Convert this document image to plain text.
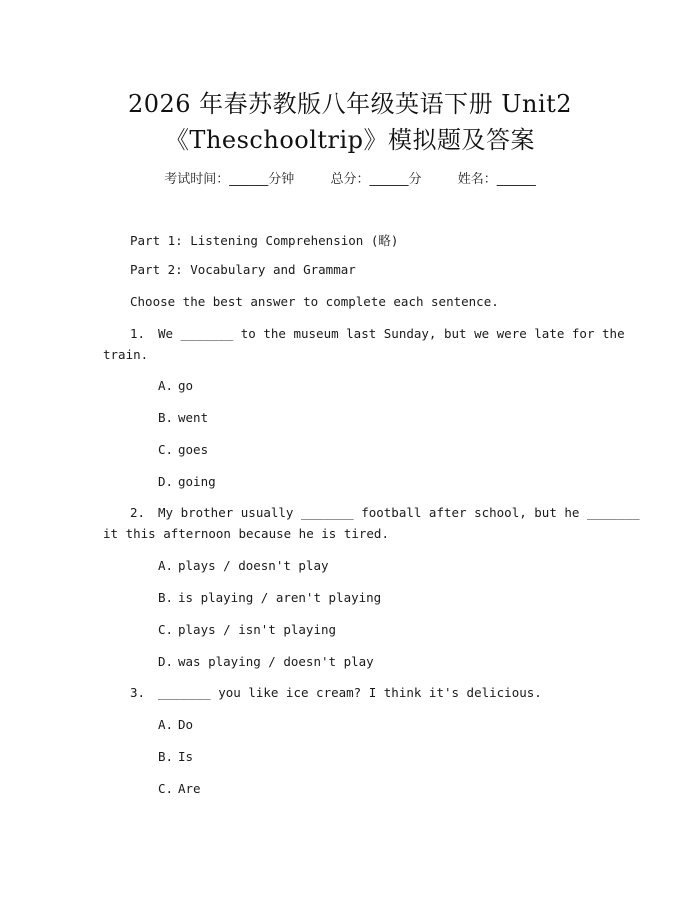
2026 年春苏教版八年级英语下册 Unit2
《Theschooltrip》模拟题及答案
考试时间：______分钟	总分：______分	姓名：______
Part 1: Listening Comprehension (略)
Part 2: Vocabulary and Grammar
Choose the best answer to complete each sentence.
1. We _______ to the museum last Sunday, but we were late for the
train.
A. go
B. went
C. goes
D. going
2. My brother usually _______ football after school, but he _______
it this afternoon because he is tired.
A. plays / doesn't play
B. is playing / aren't playing
C. plays / isn't playing
D. was playing / doesn't play
3. _______ you like ice cream? I think it's delicious.
A. Do
B. Is
C. Are
